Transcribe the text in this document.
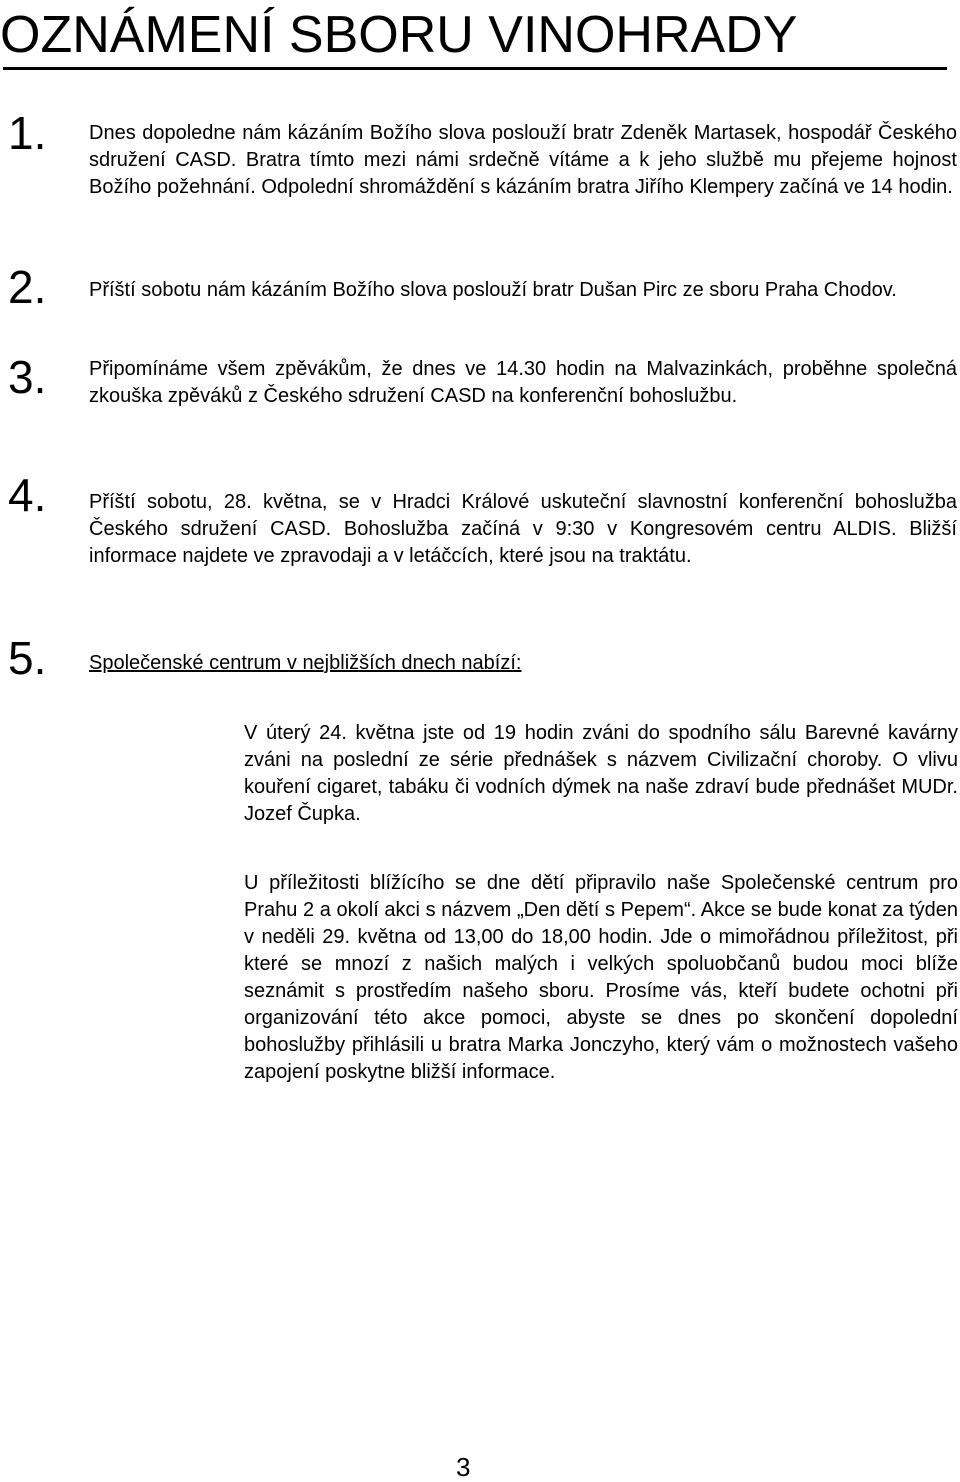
OZNÁMENÍ SBORU VINOHRADY
1. Dnes dopoledne nám kázáním Božího slova poslouží bratr Zdeněk Martasek, hospodář Českého sdružení CASD. Bratra tímto mezi námi srdečně vítáme a k jeho službě mu přejeme hojnost Božího požehnání. Odpolední shromáždění s kázáním bratra Jiřího Klempery začíná ve 14 hodin.

2. Příští sobotu nám kázáním Božího slova poslouží bratr Dušan Pirc ze sboru Praha Chodov.

3. Připomínáme všem zpěvákům, že dnes ve 14.30 hodin na Malvazinkách, proběhne společná zkouška zpěváků z Českého sdružení CASD na konferenční bohoslužbu.

4. Příští sobotu, 28. května, se v Hradci Králové uskuteční slavnostní konferenční bohoslužba Českého sdružení CASD. Bohoslužba začíná v 9:30 v Kongresovém centru ALDIS. Bližší informace najdete ve zpravodaji a v letáčcích, které jsou na traktátu.

5. Společenské centrum v nejbližších dnech nabízí:

V úterý 24. května jste od 19 hodin zváni do spodního sálu Barevné kavárny zváni na poslední ze série přednášek s názvem Civilizační choroby. O vlivu kouření cigaret, tabáku či vodních dýmek na naše zdraví bude přednášet MUDr. Jozef Čupka.

U příležitosti blížícího se dne dětí připravilo naše Společenské centrum pro Prahu 2 a okolí akci s názvem „Den dětí s Pepem“. Akce se bude konat za týden v neděli 29. května od 13,00 do 18,00 hodin. Jde o mimořádnou příležitost, při které se mnozí z našich malých i velkých spoluobčanů budou moci blíže seznámit s prostředím našeho sboru. Prosíme vás, kteří budete ochotni při organizování této akce pomoci, abyste se dnes po skončení dopolední bohoslužby přihlásili u bratra Marka Jonczyho, který vám o možnostech vašeho zapojení poskytne bližší informace.

3
